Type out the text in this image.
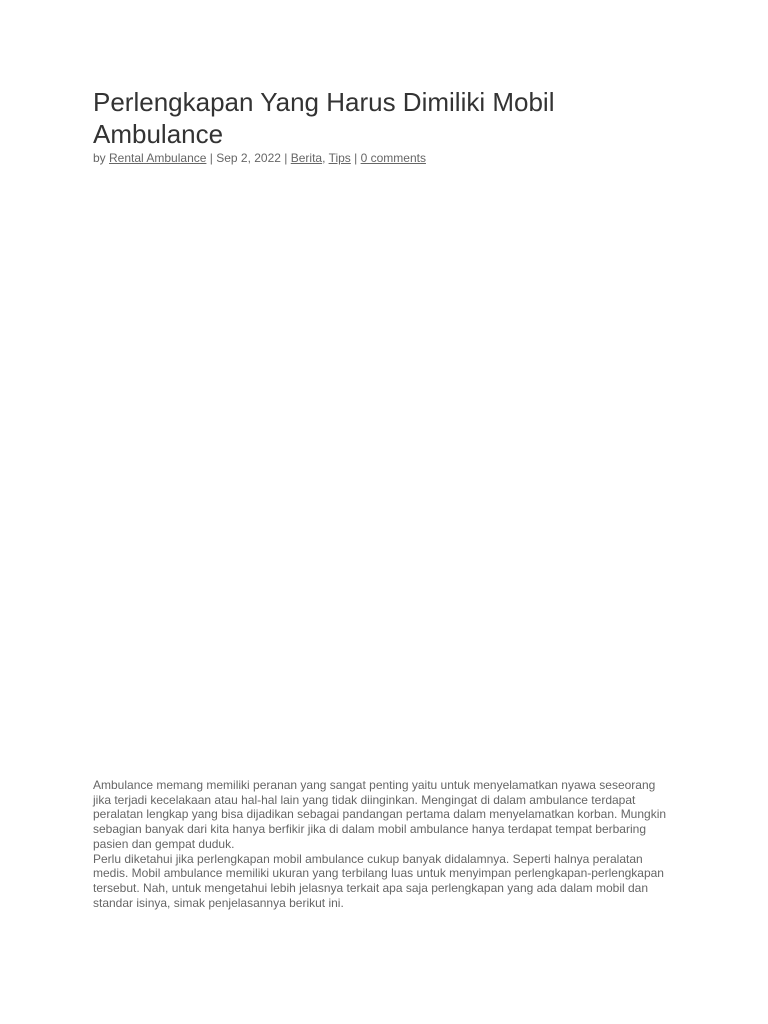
Perlengkapan Yang Harus Dimiliki Mobil Ambulance
by Rental Ambulance | Sep 2, 2022 | Berita, Tips | 0 comments

Ambulance memang memiliki peranan yang sangat penting yaitu untuk menyelamatkan nyawa seseorang jika terjadi kecelakaan atau hal-hal lain yang tidak diinginkan. Mengingat di dalam ambulance terdapat peralatan lengkap yang bisa dijadikan sebagai pandangan pertama dalam menyelamatkan korban. Mungkin sebagian banyak dari kita hanya berfikir jika di dalam mobil ambulance hanya terdapat tempat berbaring pasien dan gempat duduk.

Perlu diketahui jika perlengkapan mobil ambulance cukup banyak didalamnya. Seperti halnya peralatan medis. Mobil ambulance memiliki ukuran yang terbilang luas untuk menyimpan perlengkapan-perlengkapan tersebut. Nah, untuk mengetahui lebih jelasnya terkait apa saja perlengkapan yang ada dalam mobil dan standar isinya, simak penjelasannya berikut ini.
